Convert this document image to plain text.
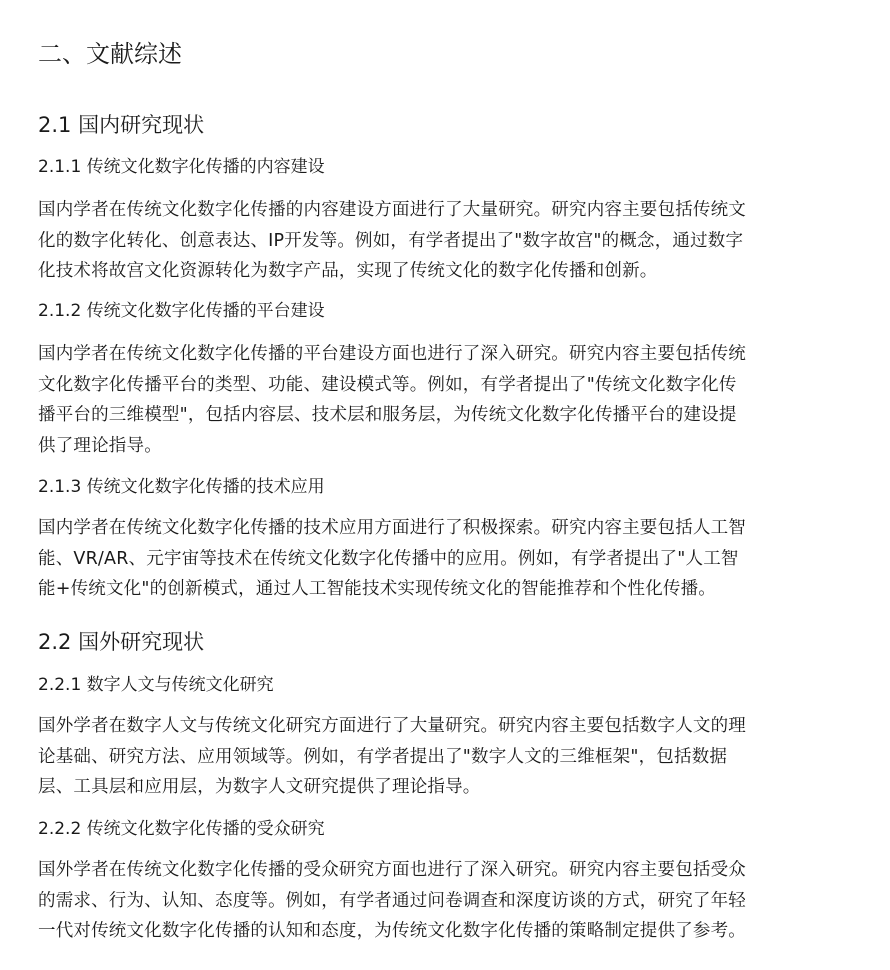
二、文献综述
2.1 国内研究现状
2.1.1 传统文化数字化传播的内容建设
国内学者在传统文化数字化传播的内容建设方面进行了大量研究。研究内容主要包括传统文
化的数字化转化、创意表达、IP开发等。例如，有学者提出了"数字故宫"的概念，通过数字
化技术将故宫文化资源转化为数字产品，实现了传统文化的数字化传播和创新。
2.1.2 传统文化数字化传播的平台建设
国内学者在传统文化数字化传播的平台建设方面也进行了深入研究。研究内容主要包括传统
文化数字化传播平台的类型、功能、建设模式等。例如，有学者提出了"传统文化数字化传
播平台的三维模型"，包括内容层、技术层和服务层，为传统文化数字化传播平台的建设提
供了理论指导。
2.1.3 传统文化数字化传播的技术应用
国内学者在传统文化数字化传播的技术应用方面进行了积极探索。研究内容主要包括人工智
能、VR/AR、元宇宙等技术在传统文化数字化传播中的应用。例如，有学者提出了"人工智
能+传统文化"的创新模式，通过人工智能技术实现传统文化的智能推荐和个性化传播。
2.2 国外研究现状
2.2.1 数字人文与传统文化研究
国外学者在数字人文与传统文化研究方面进行了大量研究。研究内容主要包括数字人文的理
论基础、研究方法、应用领域等。例如，有学者提出了"数字人文的三维框架"，包括数据
层、工具层和应用层，为数字人文研究提供了理论指导。
2.2.2 传统文化数字化传播的受众研究
国外学者在传统文化数字化传播的受众研究方面也进行了深入研究。研究内容主要包括受众
的需求、行为、认知、态度等。例如，有学者通过问卷调查和深度访谈的方式，研究了年轻
一代对传统文化数字化传播的认知和态度，为传统文化数字化传播的策略制定提供了参考。
